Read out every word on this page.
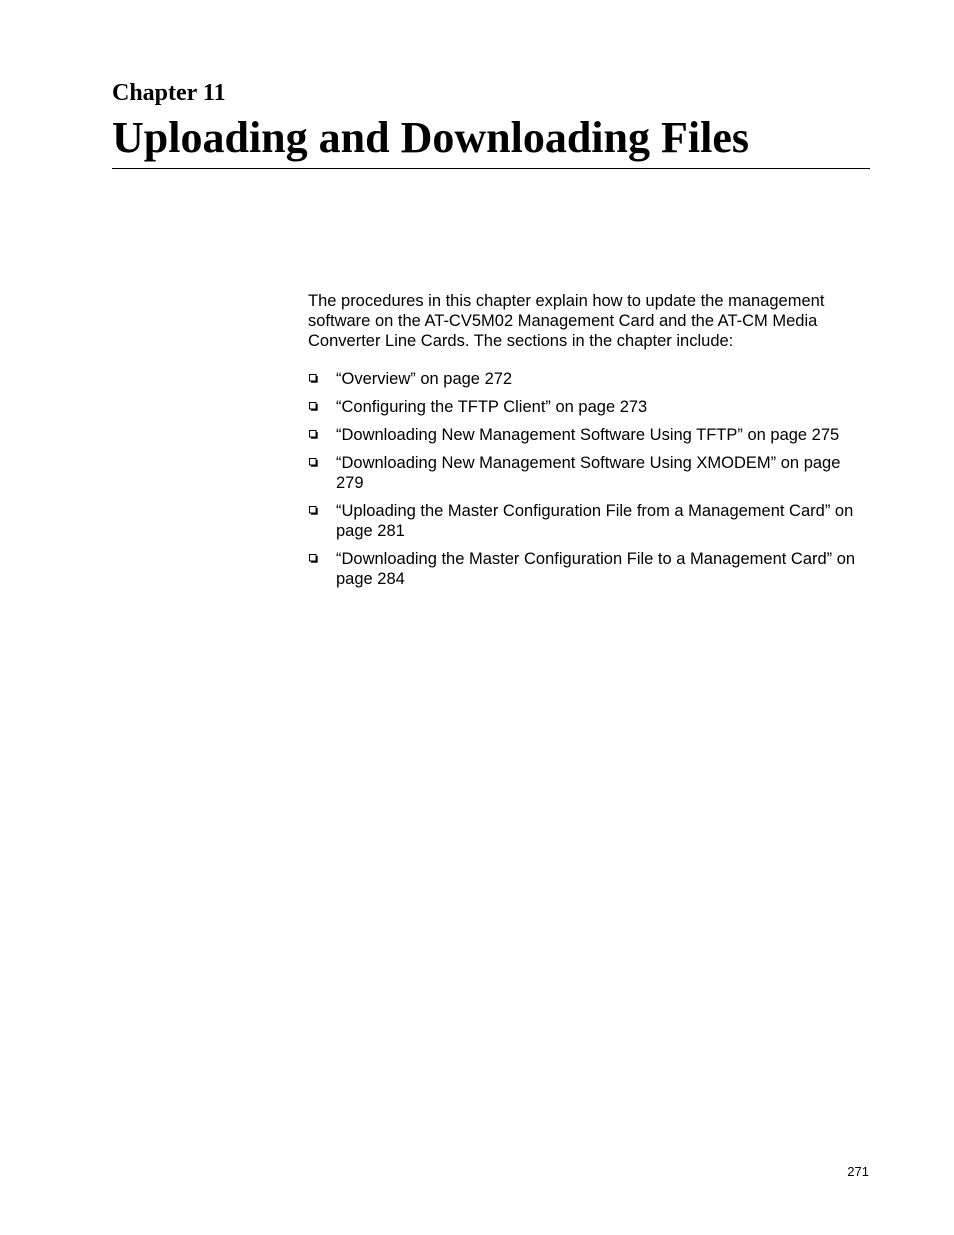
Chapter 11
Uploading and Downloading Files

The procedures in this chapter explain how to update the management software on the AT-CV5M02 Management Card and the AT-CM Media Converter Line Cards. The sections in the chapter include:

“Overview” on page 272
“Configuring the TFTP Client” on page 273
“Downloading New Management Software Using TFTP” on page 275
“Downloading New Management Software Using XMODEM” on page 279
“Uploading the Master Configuration File from a Management Card” on page 281
“Downloading the Master Configuration File to a Management Card” on page 284
271
